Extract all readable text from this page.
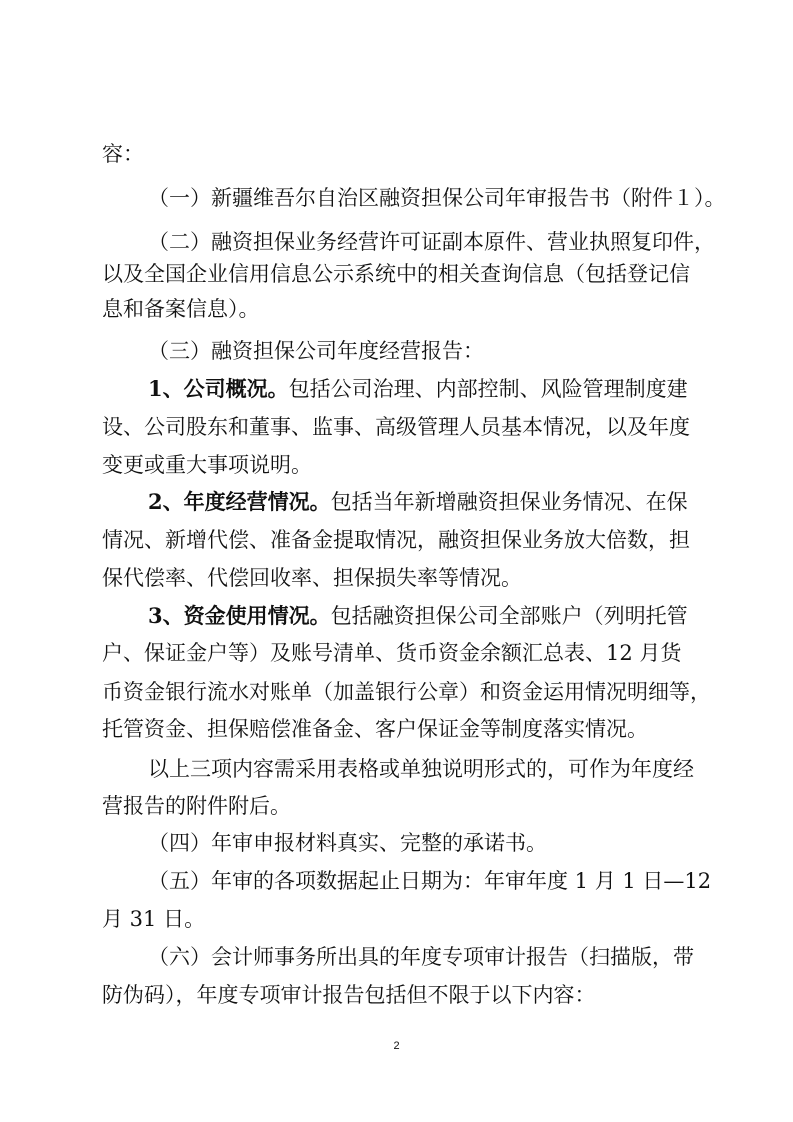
容：

（一）新疆维吾尔自治区融资担保公司年审报告书（附件１）。

（二）融资担保业务经营许可证副本原件、营业执照复印件，

以及全国企业信用信息公示系统中的相关查询信息（包括登记信

息和备案信息）。

（三）融资担保公司年度经营报告：

1、公司概况。包括公司治理、内部控制、风险管理制度建

设、公司股东和董事、监事、高级管理人员基本情况，以及年度

变更或重大事项说明。

2、年度经营情况。包括当年新增融资担保业务情况、在保

情况、新增代偿、准备金提取情况，融资担保业务放大倍数，担

保代偿率、代偿回收率、担保损失率等情况。

3、资金使用情况。包括融资担保公司全部账户（列明托管

户、保证金户等）及账号清单、货币资金余额汇总表、12 月货

币资金银行流水对账单（加盖银行公章）和资金运用情况明细等，

托管资金、担保赔偿准备金、客户保证金等制度落实情况。

以上三项内容需采用表格或单独说明形式的，可作为年度经

营报告的附件附后。

（四）年审申报材料真实、完整的承诺书。

（五）年审的各项数据起止日期为：年审年度 1 月 1 日—12

月 31 日。

（六）会计师事务所出具的年度专项审计报告（扫描版，带

防伪码），年度专项审计报告包括但不限于以下内容：

2
